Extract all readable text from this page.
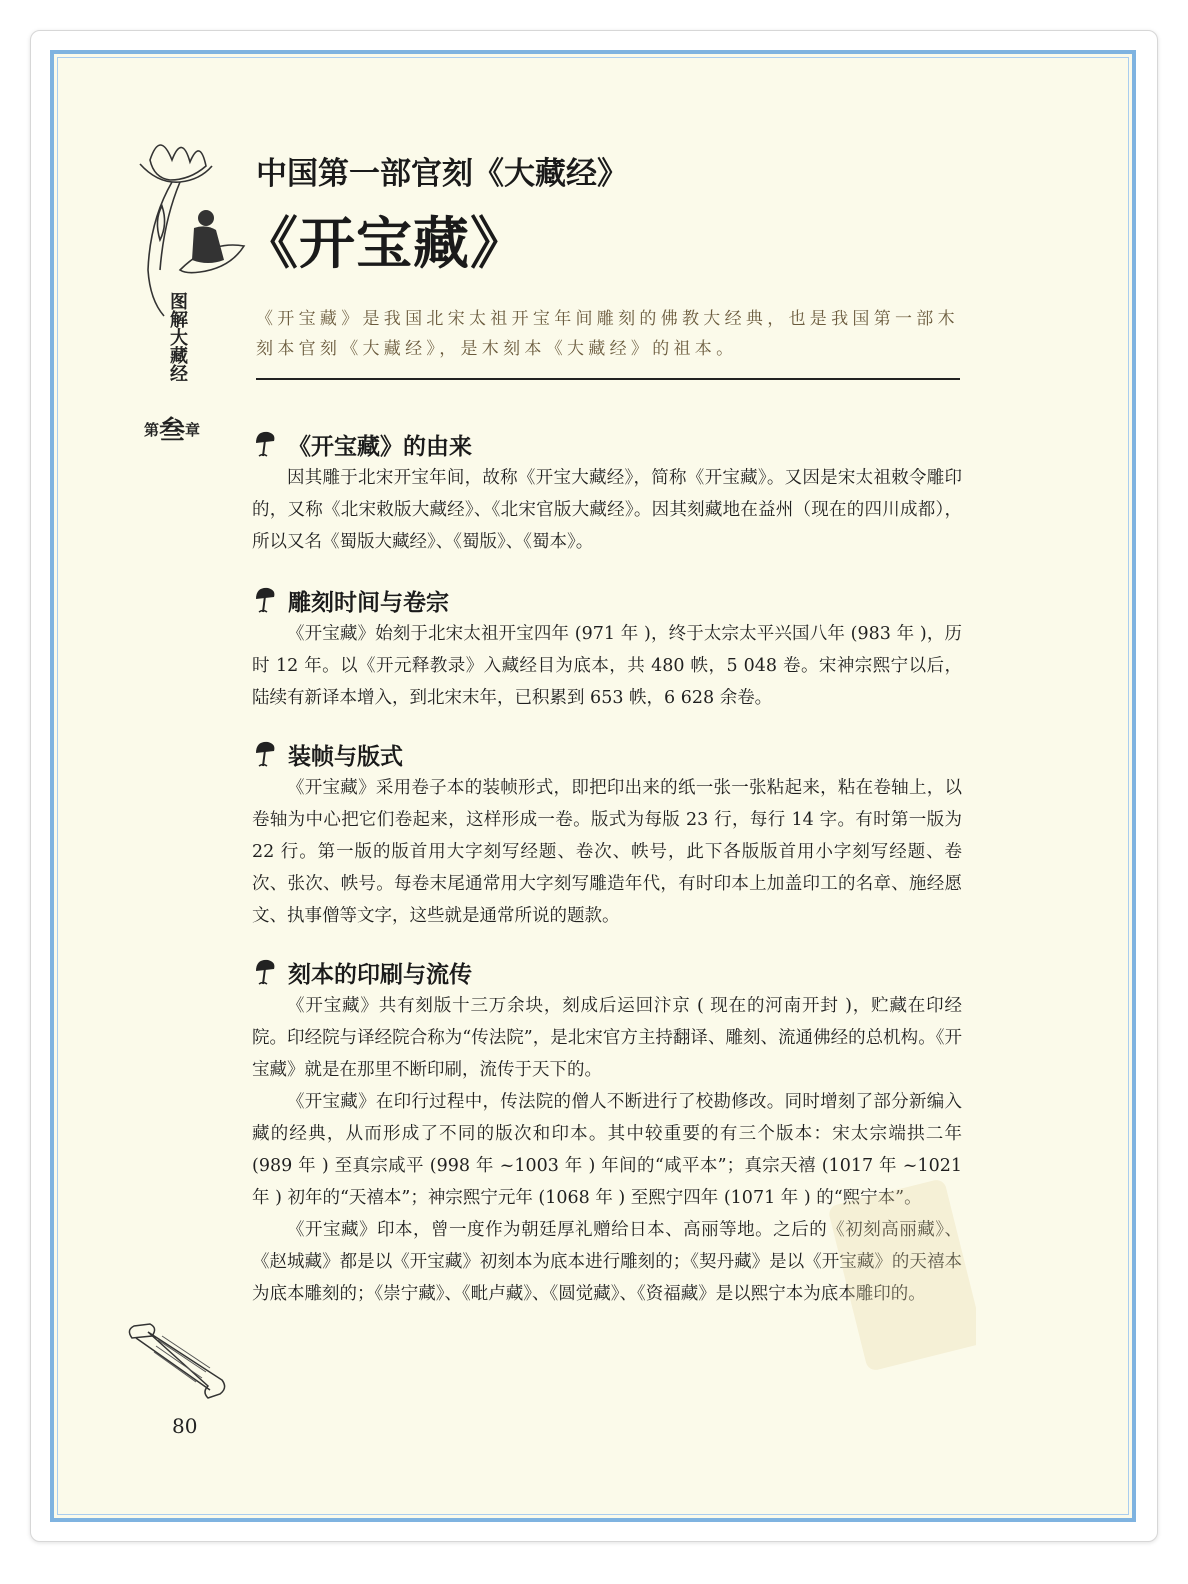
图解大藏经
第叁章
中国第一部官刻《大藏经》
《开宝藏》
《开宝藏》是我国北宋太祖开宝年间雕刻的佛教大经典，也是我国第一部木刻本官刻《大藏经》，是木刻本《大藏经》的祖本。
《开宝藏》的由来

因其雕于北宋开宝年间，故称《开宝大藏经》，简称《开宝藏》。又因是宋太祖敕令雕印的，又称《北宋敕版大藏经》、《北宋官版大藏经》。因其刻藏地在益州（现在的四川成都），所以又名《蜀版大藏经》、《蜀版》、《蜀本》。

雕刻时间与卷宗

《开宝藏》始刻于北宋太祖开宝四年 (971 年 )，终于太宗太平兴国八年 (983 年 )，历时 12 年。以《开元释教录》入藏经目为底本，共 480 帙，5 048 卷。宋神宗熙宁以后，陆续有新译本增入，到北宋末年，已积累到 653 帙，6 628 余卷。

装帧与版式

《开宝藏》采用卷子本的装帧形式，即把印出来的纸一张一张粘起来，粘在卷轴上，以卷轴为中心把它们卷起来，这样形成一卷。版式为每版 23 行，每行 14 字。有时第一版为 22 行。第一版的版首用大字刻写经题、卷次、帙号，此下各版版首用小字刻写经题、卷次、张次、帙号。每卷末尾通常用大字刻写雕造年代，有时印本上加盖印工的名章、施经愿文、执事僧等文字，这些就是通常所说的题款。

刻本的印刷与流传

《开宝藏》共有刻版十三万余块，刻成后运回汴京 ( 现在的河南开封 )，贮藏在印经院。印经院与译经院合称为“传法院”，是北宋官方主持翻译、雕刻、流通佛经的总机构。《开宝藏》就是在那里不断印刷，流传于天下的。

《开宝藏》在印行过程中，传法院的僧人不断进行了校勘修改。同时增刻了部分新编入藏的经典，从而形成了不同的版次和印本。其中较重要的有三个版本：宋太宗端拱二年 (989 年 ) 至真宗咸平 (998 年 ~1003 年 ) 年间的“咸平本”；真宗天禧 (1017 年 ~1021 年 ) 初年的“天禧本”；神宗熙宁元年 (1068 年 ) 至熙宁四年 (1071 年 ) 的“熙宁本”。

《开宝藏》印本，曾一度作为朝廷厚礼赠给日本、高丽等地。之后的《初刻高丽藏》、《赵城藏》都是以《开宝藏》初刻本为底本进行雕刻的；《契丹藏》是以《开宝藏》的天禧本为底本雕刻的；《崇宁藏》、《毗卢藏》、《圆觉藏》、《资福藏》是以熙宁本为底本雕印的。

80
